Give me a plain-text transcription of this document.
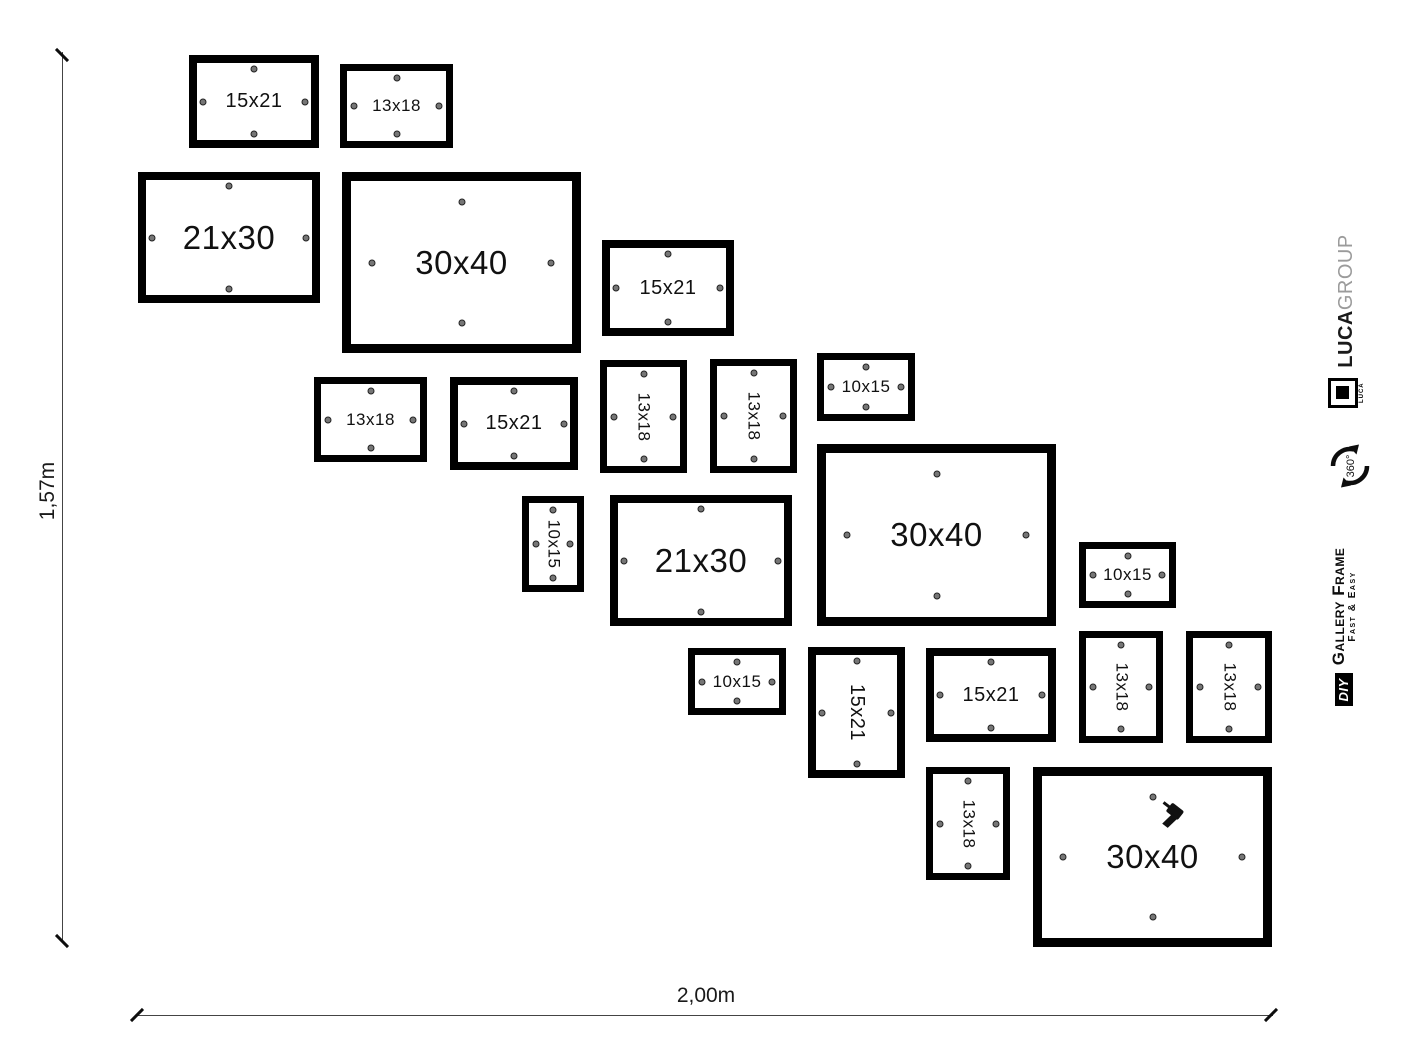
15x21	13x18
21x30
30x40
15x21
13x18	15x21	13x18	13x18
10x15
30x40
10x15	21x30	10x15
10x15
15x21	15x21	13x18	13x18
13x18
30x40
1,57m
2,00m
LUCA
LUCAGROUP
360°
DIY
Gallery Frame
Fast & Easy
